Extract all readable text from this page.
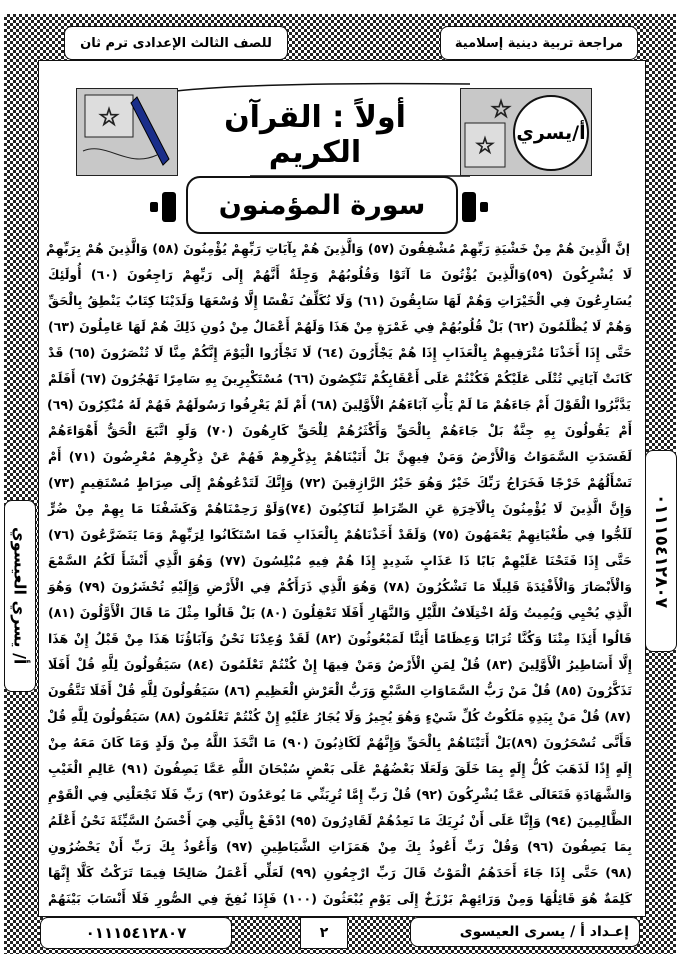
مراجعة تربية دينية إسلامية
للصف الثالث الإعدادى ترم ثان
☆	أولاً : القرآن الكريم	☆
☆
أ/يسري
سورة المؤمنون
إنَّ الَّذِينَ هُمْ مِنْ خَشْيَةِ رَبِّهِمْ مُشْفِقُونَ (٥٧) وَالَّذِينَ هُمْ بِآيَاتِ رَبِّهِمْ يُؤْمِنُونَ (٥٨) وَالَّذِينَ هُمْ بِرَبِّهِمْ
لَا يُشْرِكُونَ (٥٩)وَالَّذِينَ يُؤْتُونَ مَا آتَوْا وَقُلُوبُهُمْ وَجِلَةٌ أَنَّهُمْ إِلَى رَبِّهِمْ رَاجِعُونَ (٦٠) أُولَئِكَ
يُسَارِعُونَ فِي الْخَيْرَاتِ وَهُمْ لَهَا سَابِقُونَ (٦١) وَلَا نُكَلِّفُ نَفْسًا إِلَّا وُسْعَهَا وَلَدَيْنَا كِتَابٌ يَنْطِقُ بِالْحَقِّ
وَهُمْ لَا يُظْلَمُونَ (٦٢) بَلْ قُلُوبُهُمْ فِي غَمْرَةٍ مِنْ هَذَا وَلَهُمْ أَعْمَالٌ مِنْ دُونِ ذَلِكَ هُمْ لَهَا عَامِلُونَ (٦٣)
حَتَّى إِذَا أَخَذْنَا مُتْرَفِيهِمْ بِالْعَذَابِ إِذَا هُمْ يَجْأَرُونَ (٦٤) لَا تَجْأَرُوا الْيَوْمَ إِنَّكُمْ مِنَّا لَا تُنْصَرُونَ (٦٥) قَدْ
كَانَتْ آيَاتِي تُتْلَى عَلَيْكُمْ فَكُنْتُمْ عَلَى أَعْقَابِكُمْ تَنْكِصُونَ (٦٦) مُسْتَكْبِرِينَ بِهِ سَامِرًا تَهْجُرُونَ (٦٧) أَفَلَمْ
يَدَّبَّرُوا الْقَوْلَ أَمْ جَاءَهُمْ مَا لَمْ يَأْتِ آبَاءَهُمُ الْأَوَّلِينَ (٦٨) أَمْ لَمْ يَعْرِفُوا رَسُولَهُمْ فَهُمْ لَهُ مُنْكِرُونَ (٦٩)
أَمْ يَقُولُونَ بِهِ جِنَّةٌ بَلْ جَاءَهُمْ بِالْحَقِّ وَأَكْثَرُهُمْ لِلْحَقِّ كَارِهُونَ (٧٠) وَلَوِ اتَّبَعَ الْحَقُّ أَهْوَاءَهُمْ
لَفَسَدَتِ السَّمَوَاتُ وَالْأَرْضُ وَمَنْ فِيهِنَّ بَلْ أَتَيْنَاهُمْ بِذِكْرِهِمْ فَهُمْ عَنْ ذِكْرِهِمْ مُعْرِضُونَ (٧١) أَمْ
تَسْأَلُهُمْ خَرْجًا فَخَرَاجُ رَبِّكَ خَيْرٌ وَهُوَ خَيْرُ الرَّازِقِينَ (٧٢) وَإِنَّكَ لَتَدْعُوهُمْ إِلَى صِرَاطٍ مُسْتَقِيمٍ (٧٣)
وَإِنَّ الَّذِينَ لَا يُؤْمِنُونَ بِالْآخِرَةِ عَنِ الصِّرَاطِ لَنَاكِبُونَ (٧٤)وَلَوْ رَحِمْنَاهُمْ وَكَشَفْنَا مَا بِهِمْ مِنْ ضُرٍّ
لَلَجُّوا فِي طُغْيَانِهِمْ يَعْمَهُونَ (٧٥) وَلَقَدْ أَخَذْنَاهُمْ بِالْعَذَابِ فَمَا اسْتَكَانُوا لِرَبِّهِمْ وَمَا يَتَضَرَّعُونَ (٧٦)
حَتَّى إِذَا فَتَحْنَا عَلَيْهِمْ بَابًا ذَا عَذَابٍ شَدِيدٍ إِذَا هُمْ فِيهِ مُبْلِسُونَ (٧٧) وَهُوَ الَّذِي أَنْشَأَ لَكُمُ السَّمْعَ
وَالْأَبْصَارَ وَالْأَفْئِدَةَ قَلِيلًا مَا تَشْكُرُونَ (٧٨) وَهُوَ الَّذِي ذَرَأَكُمْ فِي الْأَرْضِ وَإِلَيْهِ تُحْشَرُونَ (٧٩) وَهُوَ
الَّذِي يُحْيِي وَيُمِيتُ وَلَهُ اخْتِلَافُ اللَّيْلِ وَالنَّهَارِ أَفَلَا تَعْقِلُونَ (٨٠) بَلْ قَالُوا مِثْلَ مَا قَالَ الْأَوَّلُونَ (٨١)
قَالُوا أَئِذَا مِتْنَا وَكُنَّا تُرَابًا وَعِظَامًا أَئِنَّا لَمَبْعُوثُونَ (٨٢) لَقَدْ وُعِدْنَا نَحْنُ وَآبَاؤُنَا هَذَا مِنْ قَبْلُ إِنْ هَذَا
إِلَّا أَسَاطِيرُ الْأَوَّلِينَ (٨٣) قُلْ لِمَنِ الْأَرْضُ وَمَنْ فِيهَا إِنْ كُنْتُمْ تَعْلَمُونَ (٨٤) سَيَقُولُونَ لِلَّهِ قُلْ أَفَلَا
تَذَكَّرُونَ (٨٥) قُلْ مَنْ رَبُّ السَّمَاوَاتِ السَّبْعِ وَرَبُّ الْعَرْشِ الْعَظِيمِ (٨٦) سَيَقُولُونَ لِلَّهِ قُلْ أَفَلَا تَتَّقُونَ
(٨٧) قُلْ مَنْ بِيَدِهِ مَلَكُوتُ كُلِّ شَيْءٍ وَهُوَ يُجِيرُ وَلَا يُجَارُ عَلَيْهِ إِنْ كُنْتُمْ تَعْلَمُونَ (٨٨) سَيَقُولُونَ لِلَّهِ قُلْ
فَأَنَّى تُسْحَرُونَ (٨٩)بَلْ أَتَيْنَاهُمْ بِالْحَقِّ وَإِنَّهُمْ لَكَاذِبُونَ (٩٠) مَا اتَّخَذَ اللَّهُ مِنْ وَلَدٍ وَمَا كَانَ مَعَهُ مِنْ
إِلَهٍ إِذًا لَذَهَبَ كُلُّ إِلَهٍ بِمَا خَلَقَ وَلَعَلَا بَعْضُهُمْ عَلَى بَعْضٍ سُبْحَانَ اللَّهِ عَمَّا يَصِفُونَ (٩١) عَالِمِ الْغَيْبِ
وَالشَّهَادَةِ فَتَعَالَى عَمَّا يُشْرِكُونَ (٩٢) قُلْ رَبِّ إِمَّا تُرِيَنِّي مَا يُوعَدُونَ (٩٣) رَبِّ فَلَا تَجْعَلْنِي فِي الْقَوْمِ
الظَّالِمِينَ (٩٤) وَإِنَّا عَلَى أَنْ نُرِيَكَ مَا نَعِدُهُمْ لَقَادِرُونَ (٩٥) ادْفَعْ بِالَّتِي هِيَ أَحْسَنُ السَّيِّئَةَ نَحْنُ أَعْلَمُ
بِمَا يَصِفُونَ (٩٦) وَقُلْ رَبِّ أَعُوذُ بِكَ مِنْ هَمَزَاتِ الشَّيَاطِينِ (٩٧) وَأَعُوذُ بِكَ رَبِّ أَنْ يَحْضُرُونِ
(٩٨) حَتَّى إِذَا جَاءَ أَحَدَهُمُ الْمَوْتُ قَالَ رَبِّ ارْجِعُونِ (٩٩) لَعَلِّي أَعْمَلُ صَالِحًا فِيمَا تَرَكْتُ كَلَّا إِنَّهَا
كَلِمَةٌ هُوَ قَائِلُهَا وَمِنْ وَرَائِهِمْ بَرْزَخٌ إِلَى يَوْمِ يُبْعَثُونَ (١٠٠) فَإِذَا نُفِخَ فِي الصُّورِ فَلَا أَنْسَابَ بَيْنَهُمْ
أ/ يسري العيسوي	٠١١١٥٤١٢٨٠٧
إعـداد أ / يسرى العيسوى
٢
٠١١١٥٤١٢٨٠٧
